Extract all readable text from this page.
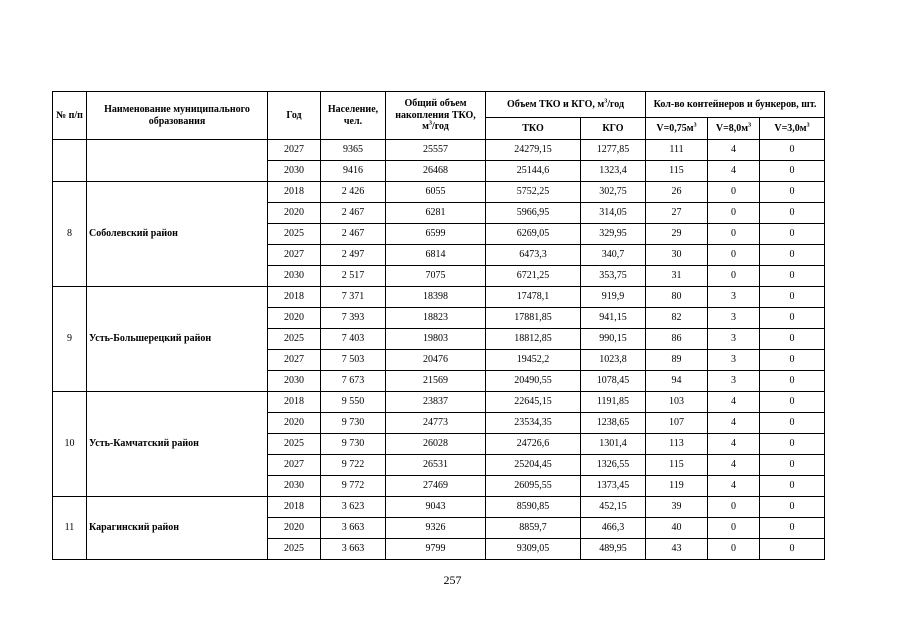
№ п/п	Наименование муниципального образования	Год	Население, чел.	Общий объем накопления ТКО, $м^3$/год	Объем ТКО и КГО, $м^3$/год		Кол-во контейнеров и бункеров, шт.		
					ТКО	КГО	$V=0,75м^3$	$V=8,0м^3$	$V=3,0м^3$
		2027	9365	25557	24279,15	1277,85	111	4	0
		2030	9416	26468	25144,6	1323,4	115	4	0
8	Соболевский район	2018	2 426	6055	5752,25	302,75	26	0	0
		2020	2 467	6281	5966,95	314,05	27	0	0
		2025	2 467	6599	6269,05	329,95	29	0	0
		2027	2 497	6814	6473,3	340,7	30	0	0
		2030	2 517	7075	6721,25	353,75	31	0	0
9	Усть-Большерецкий район	2018	7 371	18398	17478,1	919,9	80	3	0
		2020	7 393	18823	17881,85	941,15	82	3	0
		2025	7 403	19803	18812,85	990,15	86	3	0
		2027	7 503	20476	19452,2	1023,8	89	3	0
		2030	7 673	21569	20490,55	1078,45	94	3	0
10	Усть-Камчатский район	2018	9 550	23837	22645,15	1191,85	103	4	0
		2020	9 730	24773	23534,35	1238,65	107	4	0
		2025	9 730	26028	24726,6	1301,4	113	4	0
		2027	9 722	26531	25204,45	1326,55	115	4	0
		2030	9 772	27469	26095,55	1373,45	119	4	0
11	Карагинский район	2018	3 623	9043	8590,85	452,15	39	0	0
		2020	3 663	9326	8859,7	466,3	40	0	0
		2025	3 663	9799	9309,05	489,95	43	0	0
257
